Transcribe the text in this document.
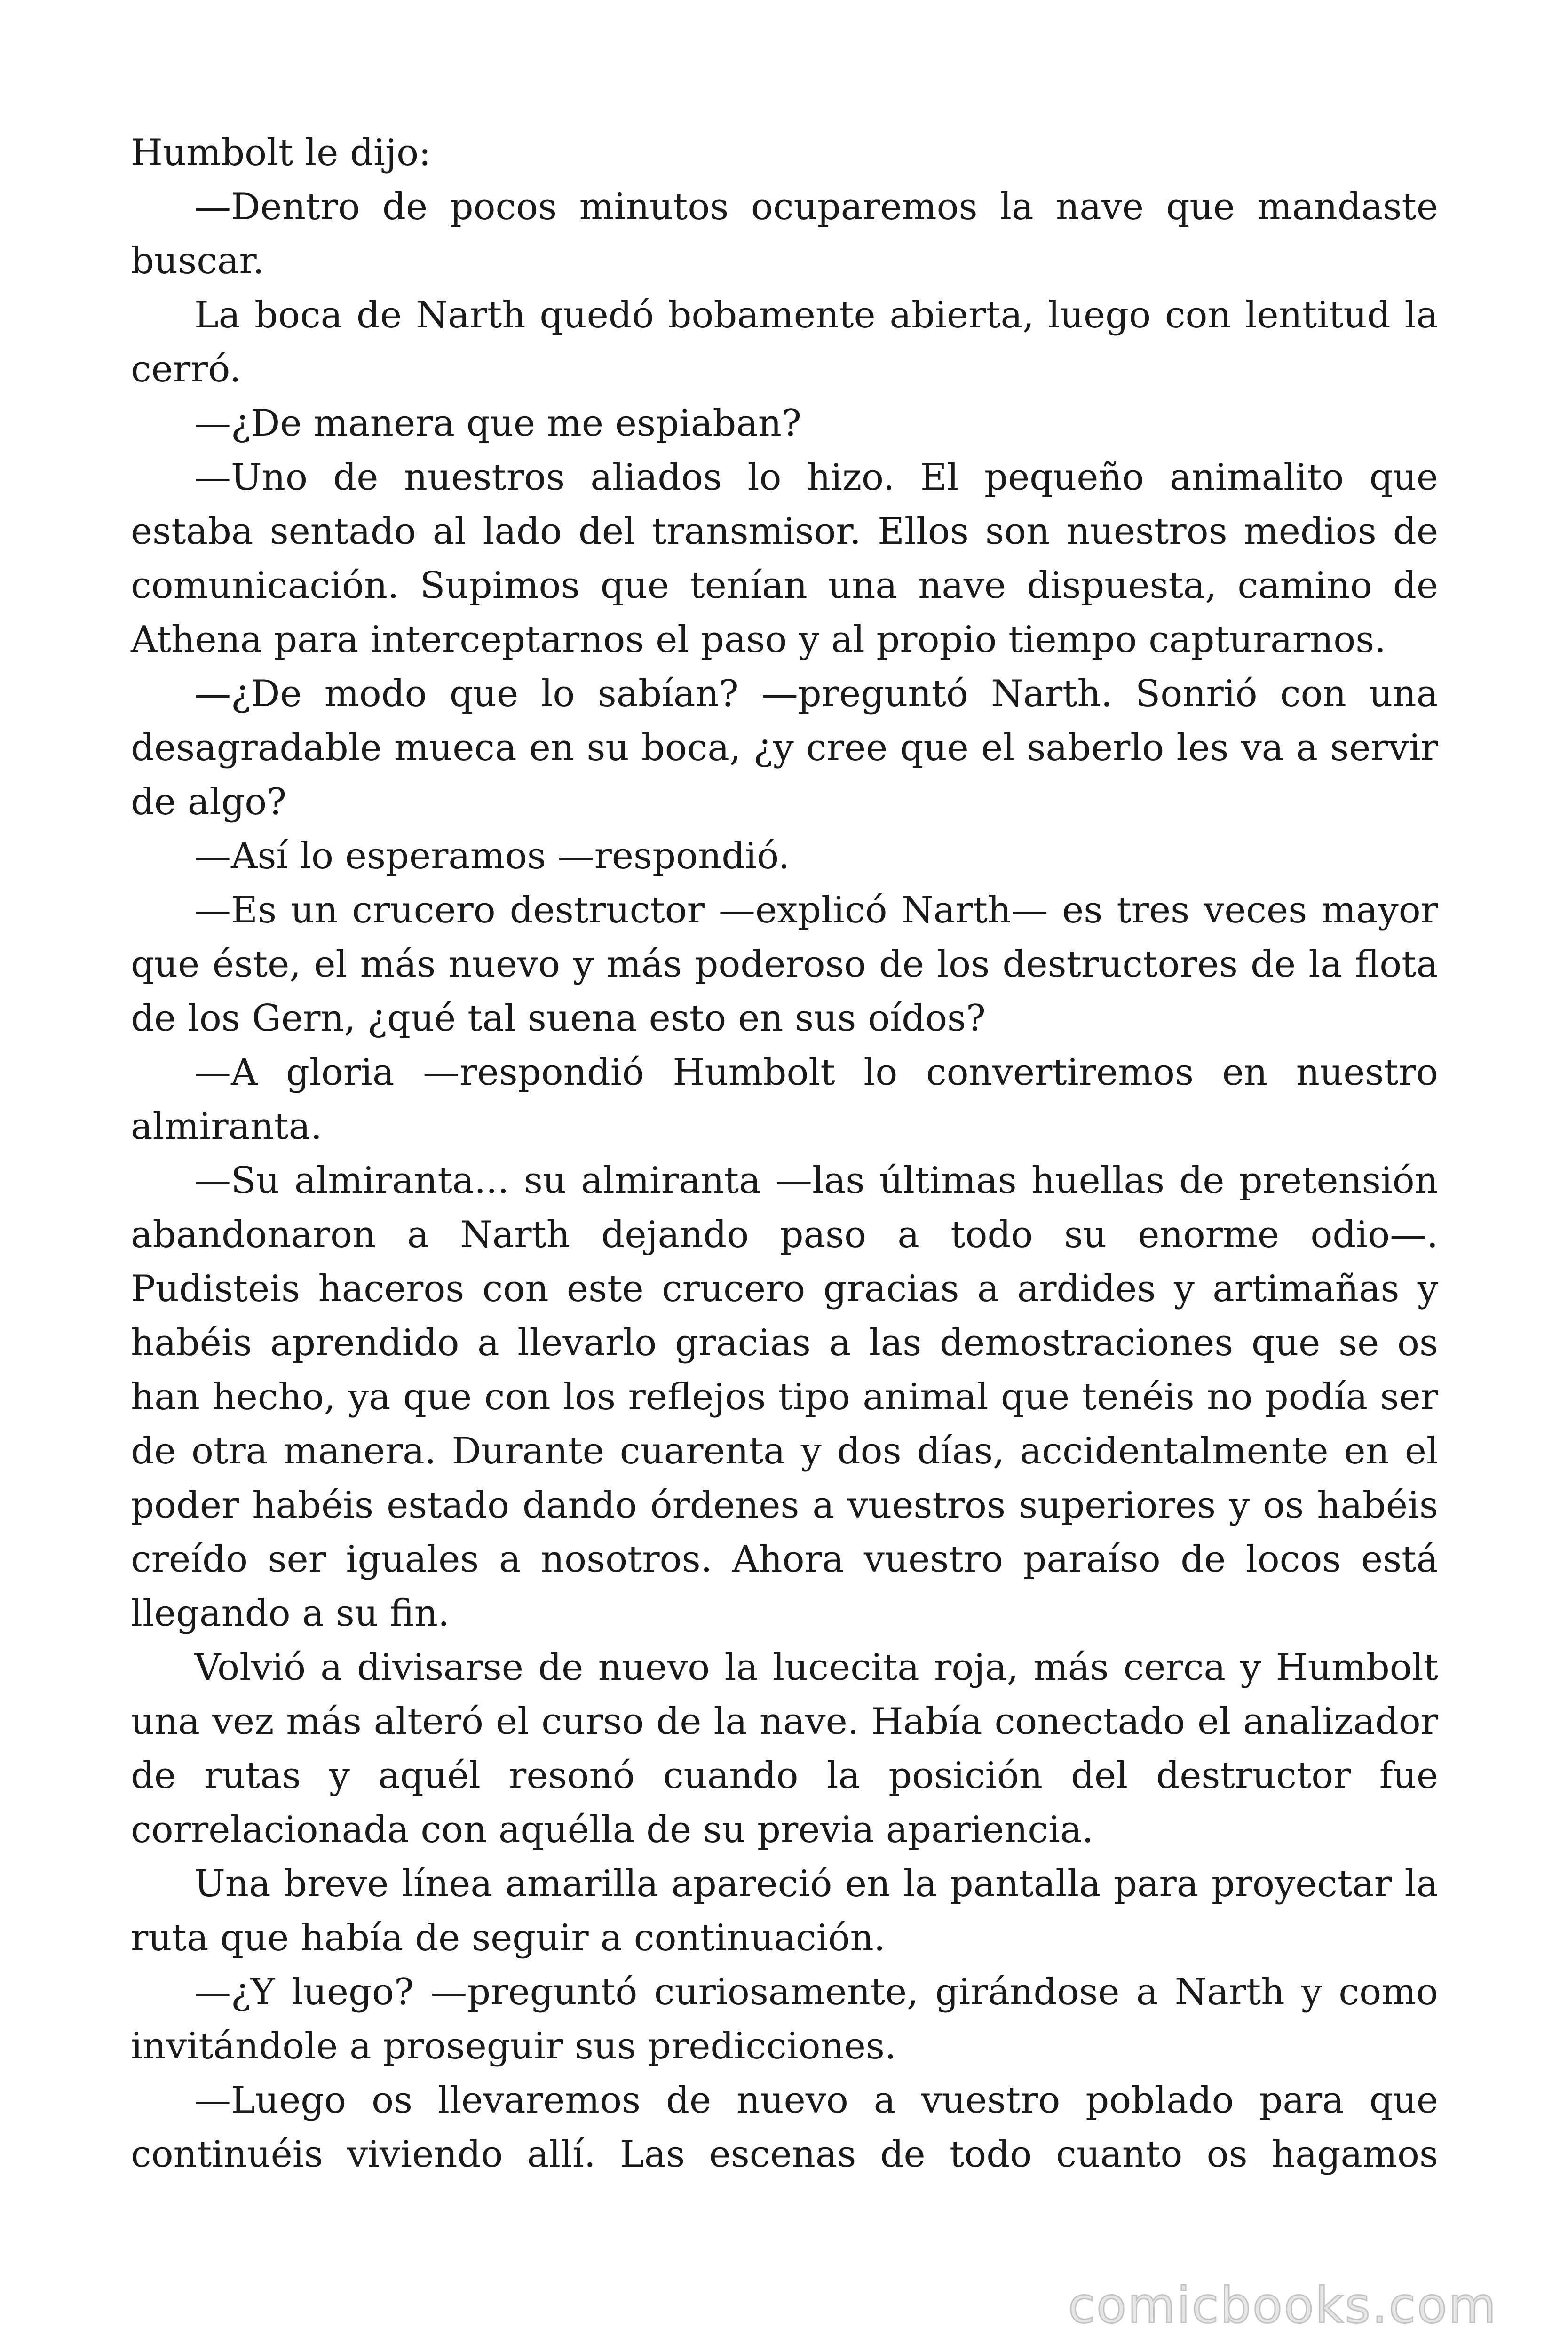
Humbolt le dijo:

—Dentro de pocos minutos ocuparemos la nave que mandaste buscar.

La boca de Narth quedó bobamente abierta, luego con lentitud la cerró.

—¿De manera que me espiaban?

—Uno de nuestros aliados lo hizo. El pequeño animalito que estaba sentado al lado del transmisor. Ellos son nuestros medios de comunicación. Supimos que tenían una nave dispuesta, camino de Athena para interceptarnos el paso y al propio tiempo capturarnos.

—¿De modo que lo sabían? —preguntó Narth. Sonrió con una desagradable mueca en su boca, ¿y cree que el saberlo les va a servir de algo?

—Así lo esperamos —respondió.

—Es un crucero destructor —explicó Narth— es tres veces mayor que éste, el más nuevo y más poderoso de los destructores de la flota de los Gern, ¿qué tal suena esto en sus oídos?

—A gloria —respondió Humbolt lo convertiremos en nuestro almiranta.

—Su almiranta... su almiranta —las últimas huellas de pretensión abandonaron a Narth dejando paso a todo su enorme odio—. Pudisteis haceros con este crucero gracias a ardides y artimañas y habéis aprendido a llevarlo gracias a las demostraciones que se os han hecho, ya que con los reflejos tipo animal que tenéis no podía ser de otra manera. Durante cuarenta y dos días, accidentalmente en el poder habéis estado dando órdenes a vuestros superiores y os habéis creído ser iguales a nosotros. Ahora vuestro paraíso de locos está llegando a su fin.

Volvió a divisarse de nuevo la lucecita roja, más cerca y Humbolt una vez más alteró el curso de la nave. Había conectado el analizador de rutas y aquél resonó cuando la posición del destructor fue correlacionada con aquélla de su previa apariencia.

Una breve línea amarilla apareció en la pantalla para proyectar la ruta que había de seguir a continuación.

—¿Y luego? —preguntó curiosamente, girándose a Narth y como invitándole a proseguir sus predicciones.

—Luego os llevaremos de nuevo a vuestro poblado para que continuéis viviendo allí. Las escenas de todo cuanto os hagamos

comicbooks.com
